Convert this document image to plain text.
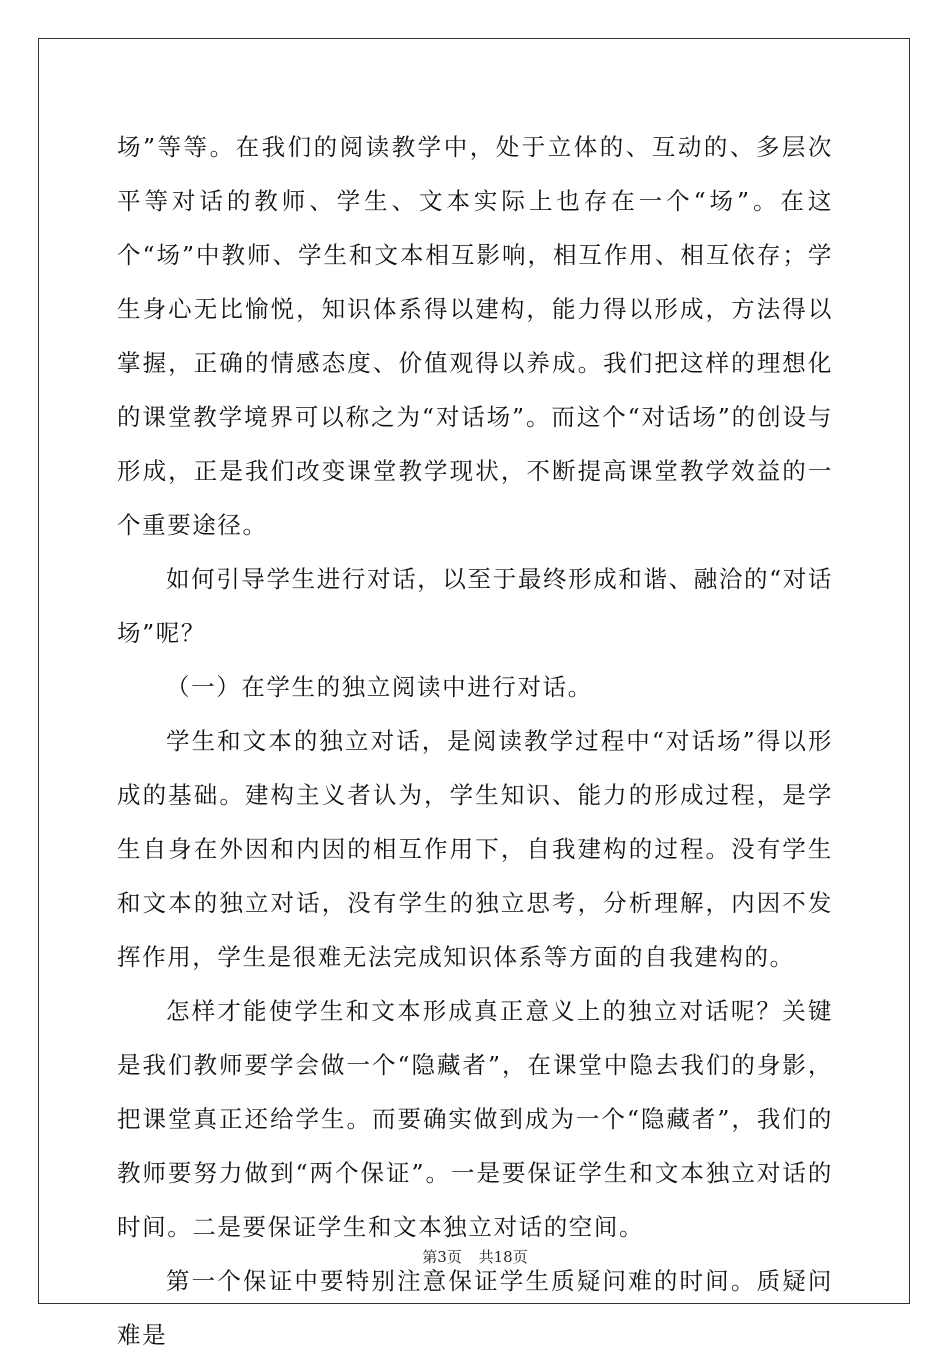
场”等等。在我们的阅读教学中，处于立体的、互动的、多层次平等对话的教师、学生、文本实际上也存在一个“场”。在这个“场”中教师、学生和文本相互影响，相互作用、相互依存；学生身心无比愉悦，知识体系得以建构，能力得以形成，方法得以掌握，正确的情感态度、价值观得以养成。我们把这样的理想化的课堂教学境界可以称之为“对话场”。而这个“对话场”的创设与形成，正是我们改变课堂教学现状，不断提高课堂教学效益的一个重要途径。

如何引导学生进行对话，以至于最终形成和谐、融洽的“对话场”呢？

（一）在学生的独立阅读中进行对话。

学生和文本的独立对话，是阅读教学过程中“对话场”得以形成的基础。建构主义者认为，学生知识、能力的形成过程，是学生自身在外因和内因的相互作用下，自我建构的过程。没有学生和文本的独立对话，没有学生的独立思考，分析理解，内因不发挥作用，学生是很难无法完成知识体系等方面的自我建构的。

怎样才能使学生和文本形成真正意义上的独立对话呢？关键是我们教师要学会做一个“隐藏者”，在课堂中隐去我们的身影，把课堂真正还给学生。而要确实做到成为一个“隐藏者”，我们的教师要努力做到“两个保证”。一是要保证学生和文本独立对话的时间。二是要保证学生和文本独立对话的空间。

第一个保证中要特别注意保证学生质疑问难的时间。质疑问难是

第3页 共18页
